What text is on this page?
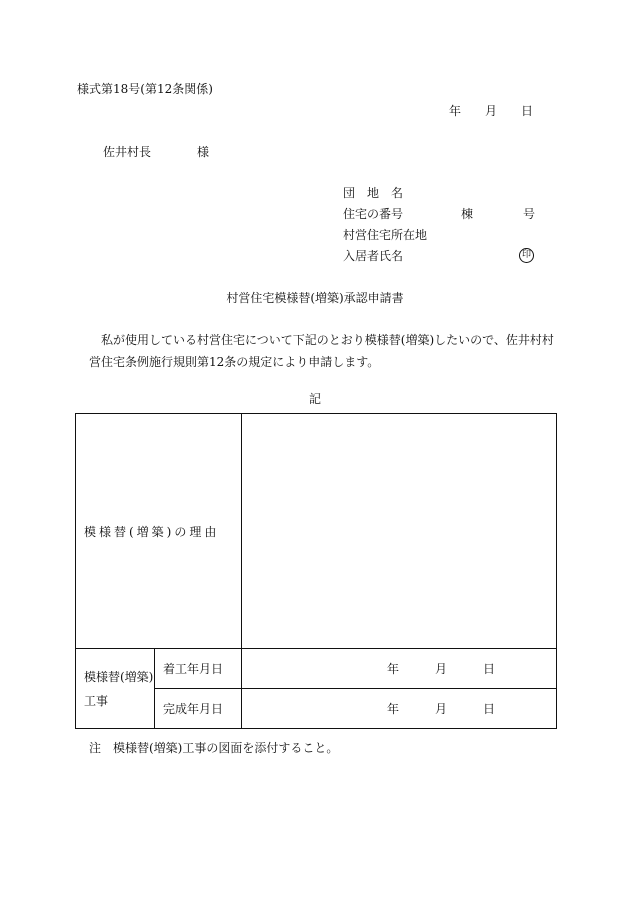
様式第18号(第12条関係)
年 月 日
佐井村長	様
団　地　名
住宅の番号	棟	号
村営住宅所在地
入居者氏名	印
村営住宅模様替(増築)承認申請書
私が使用している村営住宅について下記のとおり模様替(増築)したいので、佐井村村営住宅条例施行規則第12条の規定により申請します。
記
模様替(増築)の理由		
模様替(増築)工事	着工年月日	年 月 日
	完成年月日	年 月 日
注　模様替(増築)工事の図面を添付すること。
